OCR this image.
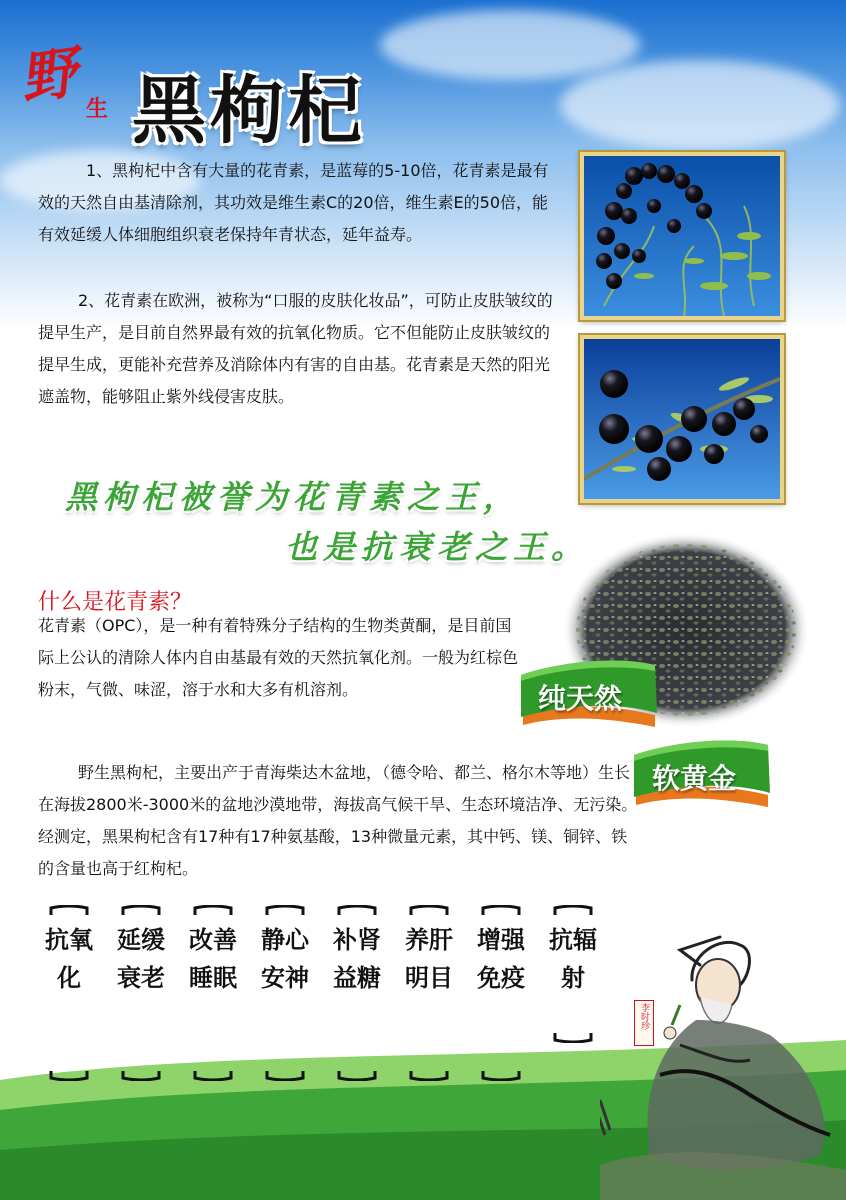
野 生 黑枸杞

1、黑枸杞中含有大量的花青素，是蓝莓的5-10倍，花青素是最有效的天然自由基清除剂，其功效是维生素C的20倍，维生素E的50倍，能有效延缓人体细胞组织衰老保持年青状态，延年益寿。

2、花青素在欧洲，被称为“口服的皮肤化妆品”，可防止皮肤皱纹的提早生产，是目前自然界最有效的抗氧化物质。它不但能防止皮肤皱纹的提早生成，更能补充营养及消除体内有害的自由基。花青素是天然的阳光遮盖物，能够阻止紫外线侵害皮肤。

黑枸杞被誉为花青素之王，
也是抗衰老之王。
什么是花青素？

花青素（OPC），是一种有着特殊分子结构的生物类黄酮，是目前国际上公认的清除人体内自由基最有效的天然抗氧化剂。一般为红棕色粉末，气微、味涩，溶于水和大多有机溶剂。	纯天然
软黄金

野生黑枸杞，主要出产于青海柴达木盆地，（德令哈、都兰、格尔木等地）生长在海拔2800米-3000米的盆地沙漠地带，海拔高气候干旱、生态环境洁净、无污染。经测定，黑果枸杞含有17种有17种氨基酸，13种微量元素，其中钙、镁、铜锌、铁的含量也高于红枸杞。

抗氧化

延缓衰老

改善睡眠

静心安神

补肾益糖

养肝明目

增强免疫

抗辐射

李时珍
